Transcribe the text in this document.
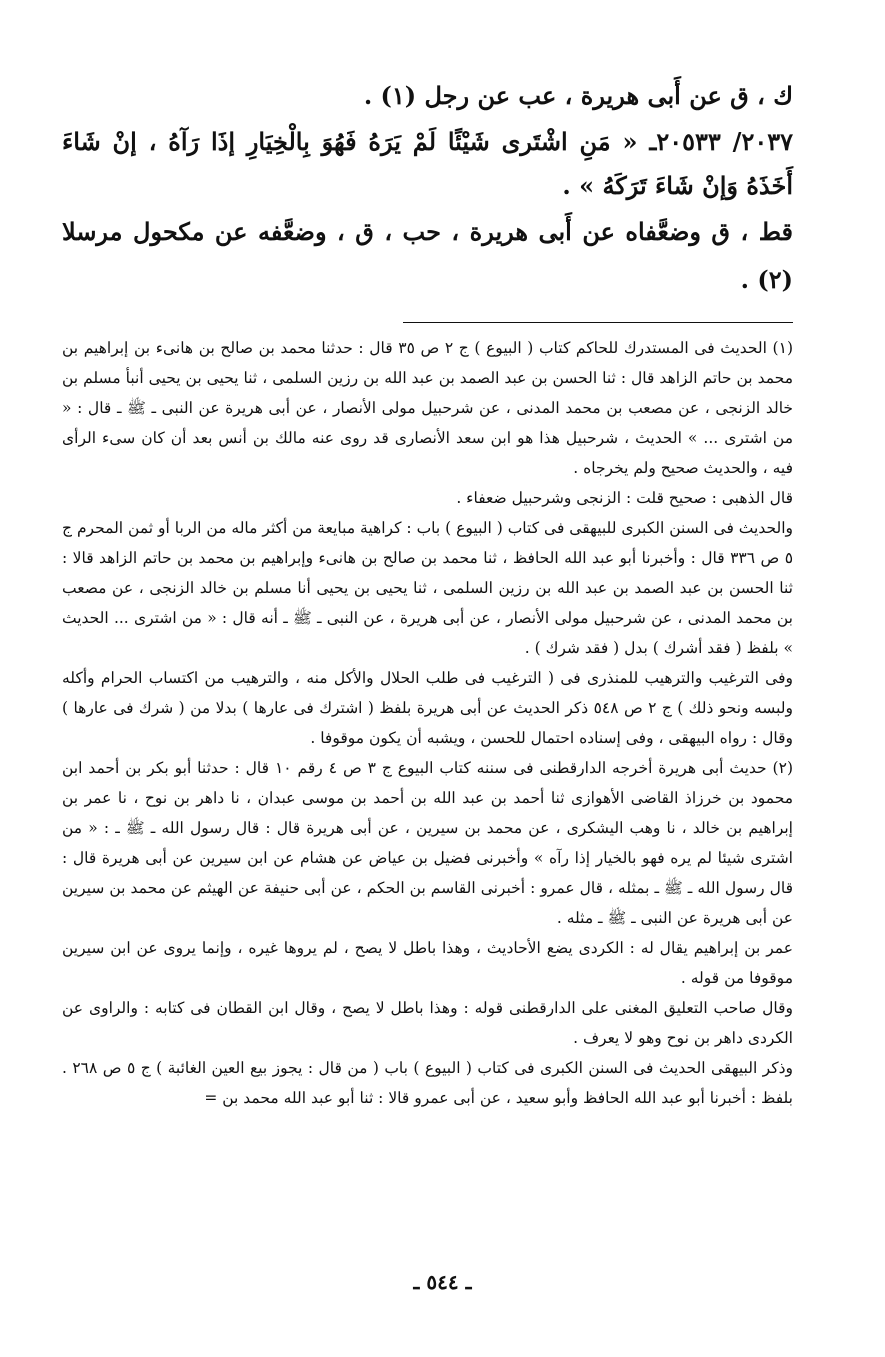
ك ، ق عن أَبى هريرة ، عب عن رجل (١) .

٢٠٣٧/ ٢٠٥٣٣ـ « مَنِ اشْتَرى شَيْئًا لَمْ يَرَهُ فَهُوَ بِالْخِيَارِ إذَا رَآهُ ، إنْ شَاءَ أَخَذَهُ وَإنْ شَاءَ تَرَكَهُ » .

قط ، ق وضعَّفاه عن أَبى هريرة ، حب ، ق ، وضعَّفه عن مكحول مرسلا (٢) .

(١) الحديث فى المستدرك للحاكم كتاب ( البيوع ) ج ٢ ص ٣٥ قال : حدثنا محمد بن صالح بن هانىء بن إبراهيم بن محمد بن حاتم الزاهد قال : ثنا الحسن بن عبد الصمد بن عبد الله بن رزين السلمى ، ثنا يحيى بن يحيى أنبأ مسلم بن خالد الزنجى ، عن مصعب بن محمد المدنى ، عن شرحبيل مولى الأنصار ، عن أبى هريرة عن النبى ـ ﷺ ـ قال : « من اشترى ... » الحديث ، شرحبيل هذا هو ابن سعد الأنصارى قد روى عنه مالك بن أنس بعد أن كان سىء الرأى فيه ، والحديث صحيح ولم يخرجاه .

قال الذهبى : صحيح قلت : الزنجى وشرحبيل ضعفاء .

والحديث فى السنن الكبرى للبيهقى فى كتاب ( البيوع ) باب : كراهية مبايعة من أكثر ماله من الربا أو ثمن المحرم ج ٥ ص ٣٣٦ قال : وأخبرنا أبو عبد الله الحافظ ، ثنا محمد بن صالح بن هانىء وإبراهيم بن محمد بن حاتم الزاهد قالا : ثنا الحسن بن عبد الصمد بن عبد الله بن رزين السلمى ، ثنا يحيى بن يحيى أنا مسلم بن خالد الزنجى ، عن مصعب بن محمد المدنى ، عن شرحبيل مولى الأنصار ، عن أبى هريرة ، عن النبى ـ ﷺ ـ أنه قال : « من اشترى ... الحديث » بلفظ ( فقد أشرك ) بدل ( فقد شرك ) .

وفى الترغيب والترهيب للمنذرى فى ( الترغيب فى طلب الحلال والأكل منه ، والترهيب من اكتساب الحرام وأكله ولبسه ونحو ذلك ) ج ٢ ص ٥٤٨ ذكر الحديث عن أبى هريرة بلفظ ( اشترك فى عارها ) بدلا من ( شرك فى عارها ) وقال : رواه البيهقى ، وفى إسناده احتمال للحسن ، ويشبه أن يكون موقوفا .

(٢) حديث أبى هريرة أخرجه الدارقطنى فى سننه كتاب البيوع ج ٣ ص ٤ رقم ١٠ قال : حدثنا أبو بكر بن أحمد ابن محمود بن خرزاذ القاضى الأهوازى ثنا أحمد بن عبد الله بن أحمد بن موسى عبدان ، نا داهر بن نوح ، نا عمر بن إبراهيم بن خالد ، نا وهب اليشكرى ، عن محمد بن سيرين ، عن أبى هريرة قال : قال رسول الله ـ ﷺ ـ : « من اشترى شيئا لم يره فهو بالخيار إذا رآه » وأخبرنى فضيل بن عياض عن هشام عن ابن سيرين عن أبى هريرة قال : قال رسول الله ـ ﷺ ـ بمثله ، قال عمرو : أخبرنى القاسم بن الحكم ، عن أبى حنيفة عن الهيثم عن محمد بن سيرين عن أبى هريرة عن النبى ـ ﷺ ـ مثله .

عمر بن إبراهيم يقال له : الكردى يضع الأحاديث ، وهذا باطل لا يصح ، لم يروها غيره ، وإنما يروى عن ابن سيرين موقوفا من قوله .

وقال صاحب التعليق المغنى على الدارقطنى قوله : وهذا باطل لا يصح ، وقال ابن القطان فى كتابه : والراوى عن الكردى داهر بن نوح وهو لا يعرف .

وذكر البيهقى الحديث فى السنن الكبرى فى كتاب ( البيوع ) باب ( من قال : يجوز بيع العين الغائبة ) ج ٥ ص ٢٦٨ . بلفظ : أخبرنا أبو عبد الله الحافظ وأبو سعيد ، عن أبى عمرو قالا : ثنا أبو عبد الله محمد بن =

ـ ٥٤٤ ـ
